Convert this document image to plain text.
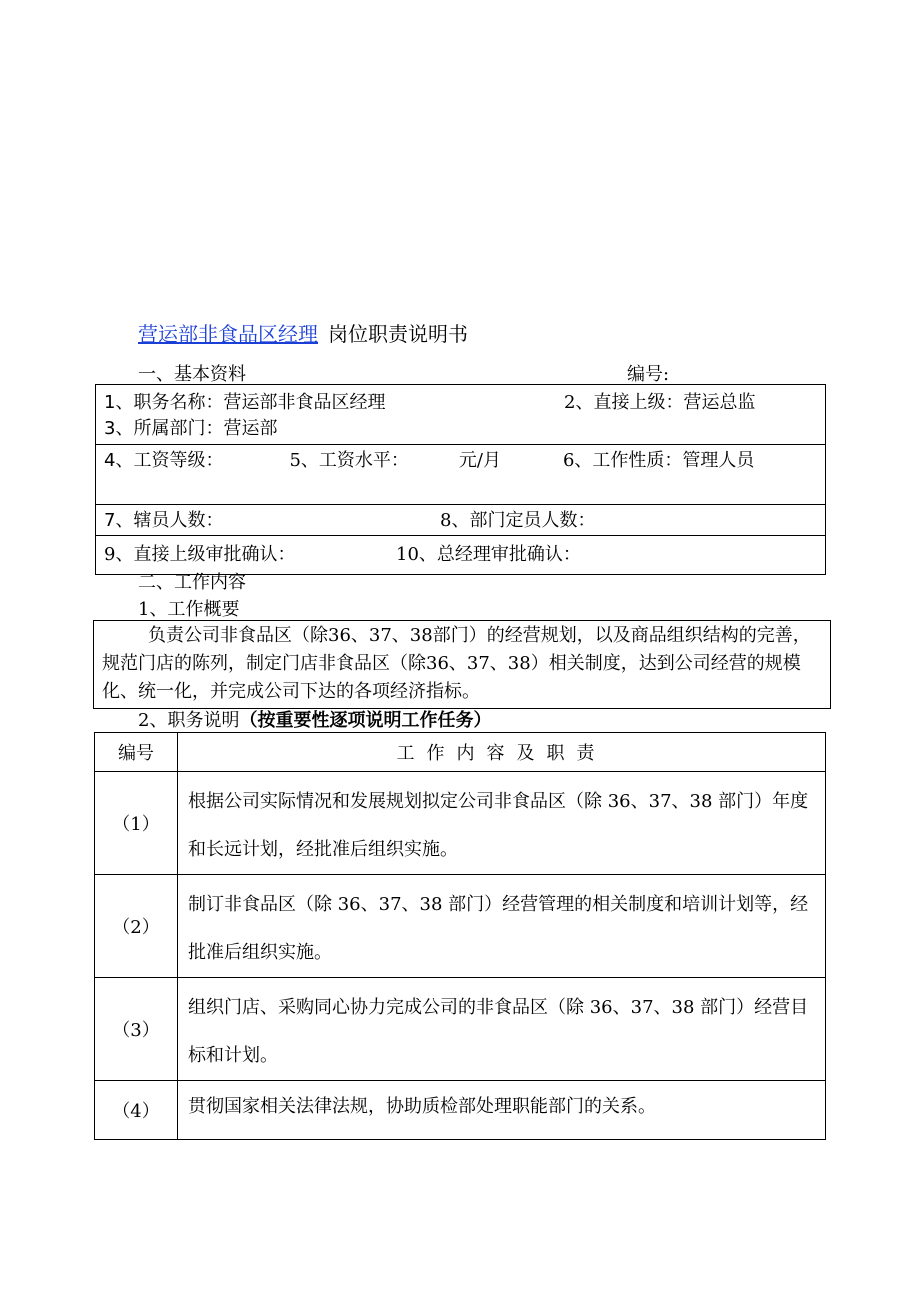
营运部非食品区经理 岗位职责说明书
一、基本资料	编号:
1、职务名称：营运部非食品区经理	2、直接上级：营运总监
3、所属部门：营运部

4、工资等级：	5、工资水平：	元/月	6、工作性质：管理人员

7、辖员人数：	8、部门定员人数：

9、直接上级审批确认：	10、总经理审批确认：
二、工作内容
1、工作概要
负责公司非食品区（除36、37、38部门）的经营规划，以及商品组织结构的完善，规范门店的陈列，制定门店非食品区（除36、37、38）相关制度，达到公司经营的规模化、统一化，并完成公司下达的各项经济指标。
2、职务说明（按重要性逐项说明工作任务）
编号	工作内容及职责
（1）	根据公司实际情况和发展规划拟定公司非食品区（除 36、37、38 部门）年度和长远计划，经批准后组织实施。
（2）	制订非食品区（除 36、37、38 部门）经营管理的相关制度和培训计划等，经批准后组织实施。
（3）	组织门店、采购同心协力完成公司的非食品区（除 36、37、38 部门）经营目标和计划。
（4）	贯彻国家相关法律法规，协助质检部处理职能部门的关系。
